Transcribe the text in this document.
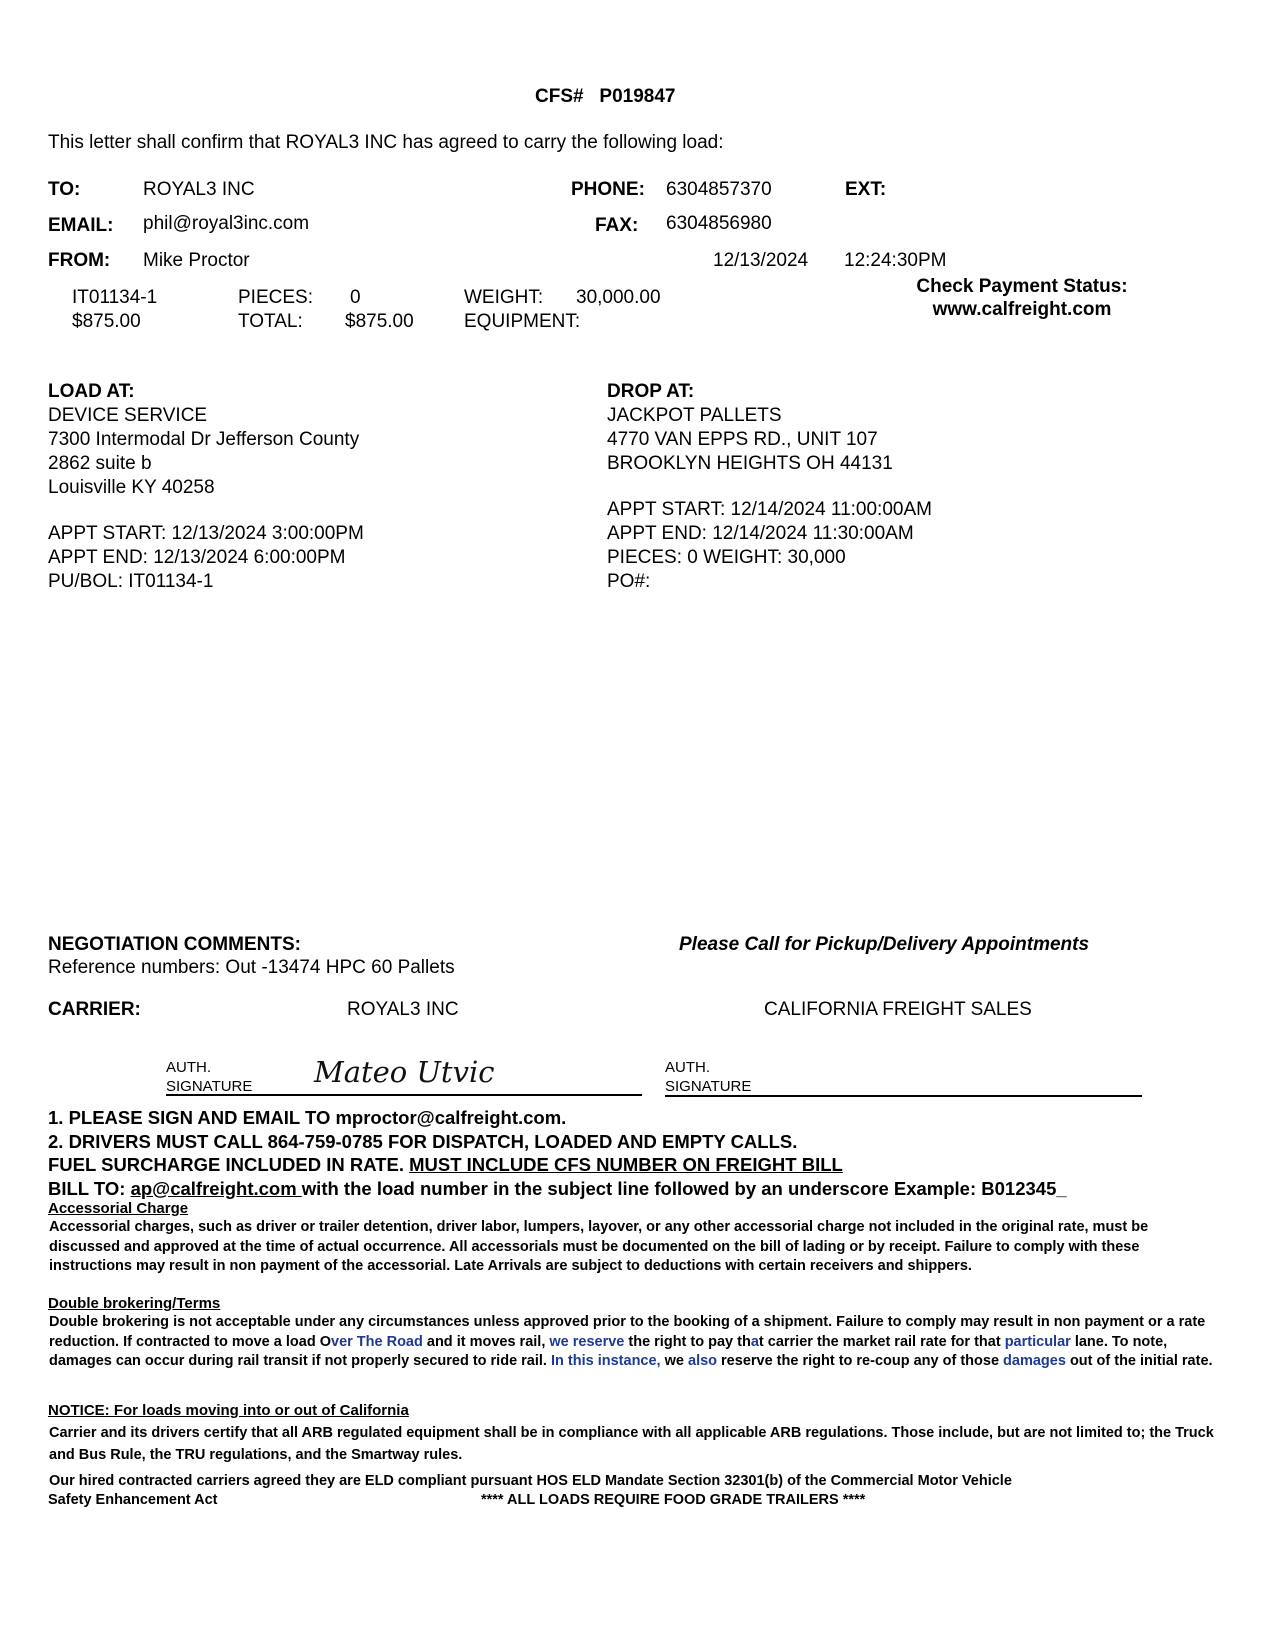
CFS# P019847
This letter shall confirm that ROYAL3 INC has agreed to carry the following load:
TO:	ROYAL3 INC	PHONE: 6304857370	EXT:
EMAIL: phil@royal3inc.com	FAX: 6304856980
FROM: Mike Proctor	12/13/2024 12:24:30PM
IT01134-1	PIECES: 0	WEIGHT: 30,000.00
$875.00	TOTAL: $875.00	EQUIPMENT:
Check Payment Status:
www.calfreight.com
LOAD AT:
DEVICE SERVICE
7300 Intermodal Dr Jefferson County
2862 suite b
Louisville KY 40258
APPT START: 12/13/2024 3:00:00PM
APPT END: 12/13/2024 6:00:00PM
PU/BOL: IT01134-1
DROP AT:
JACKPOT PALLETS
4770 VAN EPPS RD., UNIT 107
BROOKLYN HEIGHTS OH 44131
APPT START: 12/14/2024 11:00:00AM
APPT END: 12/14/2024 11:30:00AM
PIECES: 0 WEIGHT: 30,000
PO#:
NEGOTIATION COMMENTS:
Reference numbers: Out -13474 HPC 60 Pallets
Please Call for Pickup/Delivery Appointments
CARRIER:	ROYAL3 INC	CALIFORNIA FREIGHT SALES
AUTH.
SIGNATURE Mateo Utvic	AUTH.
SIGNATURE
1. PLEASE SIGN AND EMAIL TO mproctor@calfreight.com.
2. DRIVERS MUST CALL 864-759-0785 FOR DISPATCH, LOADED AND EMPTY CALLS.
FUEL SURCHARGE INCLUDED IN RATE. MUST INCLUDE CFS NUMBER ON FREIGHT BILL
BILL TO: ap@calfreight.com with the load number in the subject line followed by an underscore Example: B012345_
Accessorial Charge
Accessorial charges, such as driver or trailer detention, driver labor, lumpers, layover, or any other accessorial charge not included in the original rate, must be discussed and approved at the time of actual occurrence. All accessorials must be documented on the bill of lading or by receipt. Failure to comply with these instructions may result in non payment of the accessorial. Late Arrivals are subject to deductions with certain receivers and shippers.
Double brokering/Terms
Double brokering is not acceptable under any circumstances unless approved prior to the booking of a shipment. Failure to comply may result in non payment or a rate reduction. If contracted to move a load Over The Road and it moves rail, we reserve the right to pay that carrier the market rail rate for that particular lane. To note, damages can occur during rail transit if not properly secured to ride rail. In this instance, we also reserve the right to re-coup any of those damages out of the initial rate.
NOTICE: For loads moving into or out of California
Carrier and its drivers certify that all ARB regulated equipment shall be in compliance with all applicable ARB regulations. Those include, but are not limited to; the Truck and Bus Rule, the TRU regulations, and the Smartway rules.
Our hired contracted carriers agreed they are ELD compliant pursuant HOS ELD Mandate Section 32301(b) of the Commercial Motor Vehicle
Safety Enhancement Act	**** ALL LOADS REQUIRE FOOD GRADE TRAILERS ****
